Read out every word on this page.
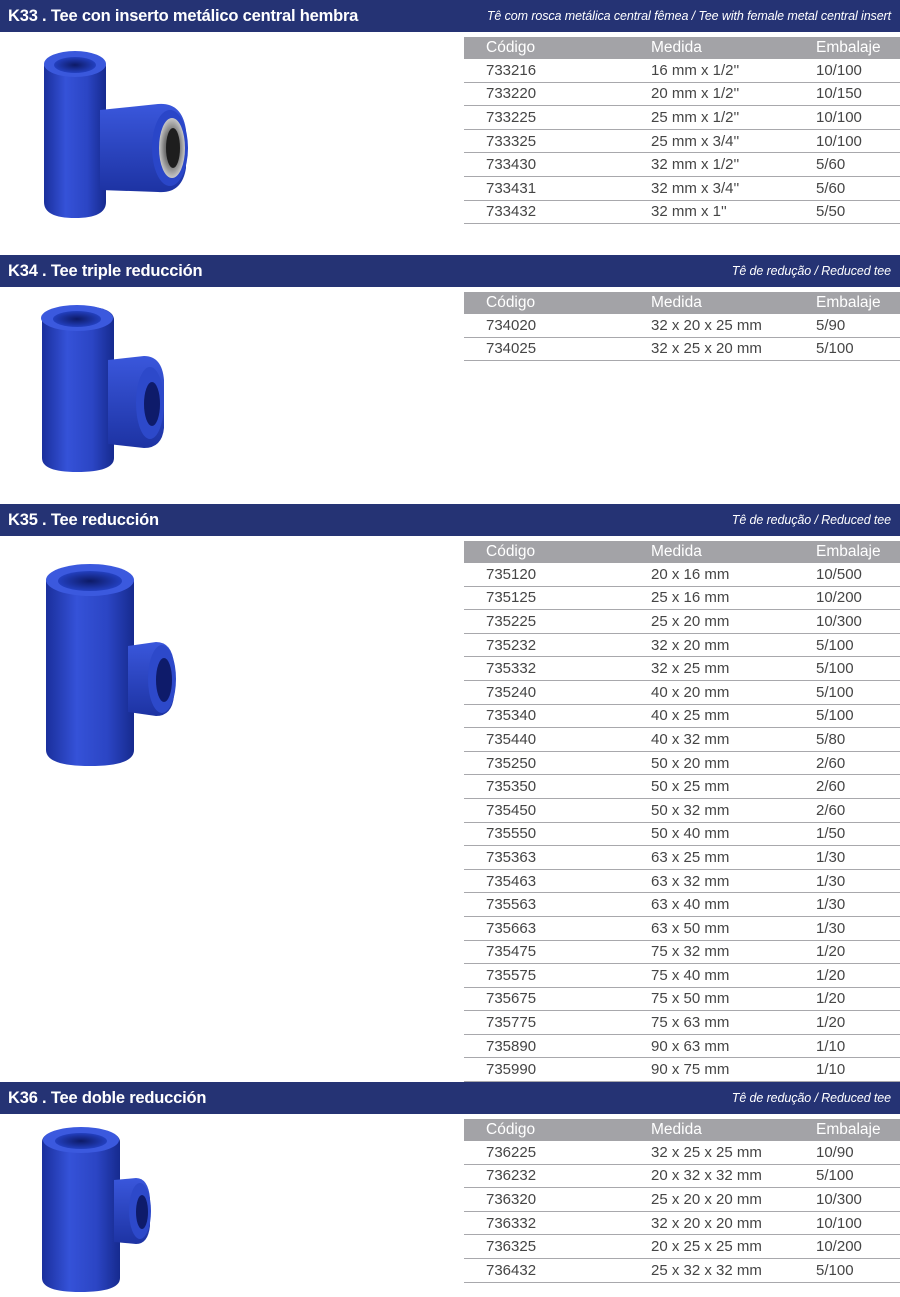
K33 . Tee con inserto metálico central hembra	Tê com rosca metálica central fêmea / Tee with female metal central insert
Código	Medida	Embalaje
733216	16 mm x 1/2''	10/100
733220	20 mm x 1/2''	10/150
733225	25 mm x 1/2''	10/100
733325	25 mm x 3/4''	10/100
733430	32 mm x 1/2''	5/60
733431	32 mm x 3/4''	5/60
733432	32 mm x 1''	5/50
K34 . Tee triple reducción	Tê de redução / Reduced tee
Código	Medida	Embalaje
734020	32 x 20 x 25 mm	5/90
734025	32 x 25 x 20 mm	5/100
K35 . Tee reducción	Tê de redução / Reduced tee
Código	Medida	Embalaje
735120	20 x 16 mm	10/500
735125	25 x 16 mm	10/200
735225	25 x 20 mm	10/300
735232	32 x 20 mm	5/100
735332	32 x 25 mm	5/100
735240	40 x 20 mm	5/100
735340	40 x 25 mm	5/100
735440	40 x 32 mm	5/80
735250	50 x 20 mm	2/60
735350	50 x 25 mm	2/60
735450	50 x 32 mm	2/60
735550	50 x 40 mm	1/50
735363	63 x 25 mm	1/30
735463	63 x 32 mm	1/30
735563	63 x 40 mm	1/30
735663	63 x 50 mm	1/30
735475	75 x 32 mm	1/20
735575	75 x 40 mm	1/20
735675	75 x 50 mm	1/20
735775	75 x 63 mm	1/20
735890	90 x 63 mm	1/10
735990	90 x 75 mm	1/10
K36 . Tee doble reducción	Tê de redução / Reduced tee
Código	Medida	Embalaje
736225	32 x 25 x 25 mm	10/90
736232	20 x 32 x 32 mm	5/100
736320	25 x 20 x 20 mm	10/300
736332	32 x 20 x 20 mm	10/100
736325	20 x 25 x 25 mm	10/200
736432	25 x 32 x 32 mm	5/100
